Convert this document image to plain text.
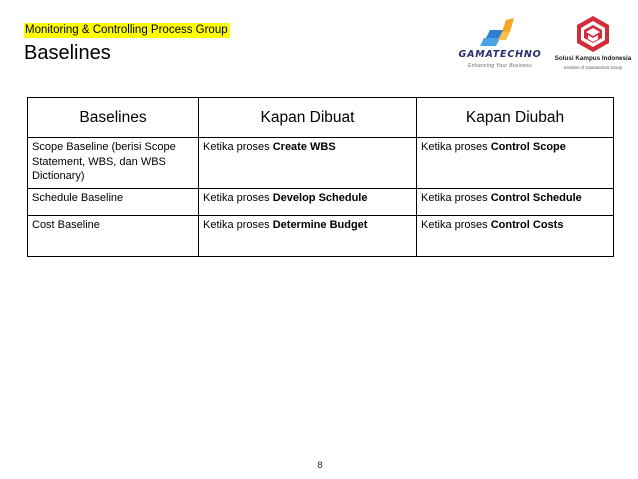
Monitoring & Controlling Process Group
Baselines	GAMATECHNO
Enhancing Your Business
Solusi Kampus Indonesia
member of Gamatechno Group
Baselines	Kapan Dibuat	Kapan Diubah
Scope Baseline (berisi Scope Statement, WBS, dan WBS Dictionary)	Ketika proses Create WBS	Ketika proses Control Scope
Schedule Baseline	Ketika proses Develop Schedule	Ketika proses Control Schedule
Cost Baseline	Ketika proses Determine Budget	Ketika proses Control Costs
8
